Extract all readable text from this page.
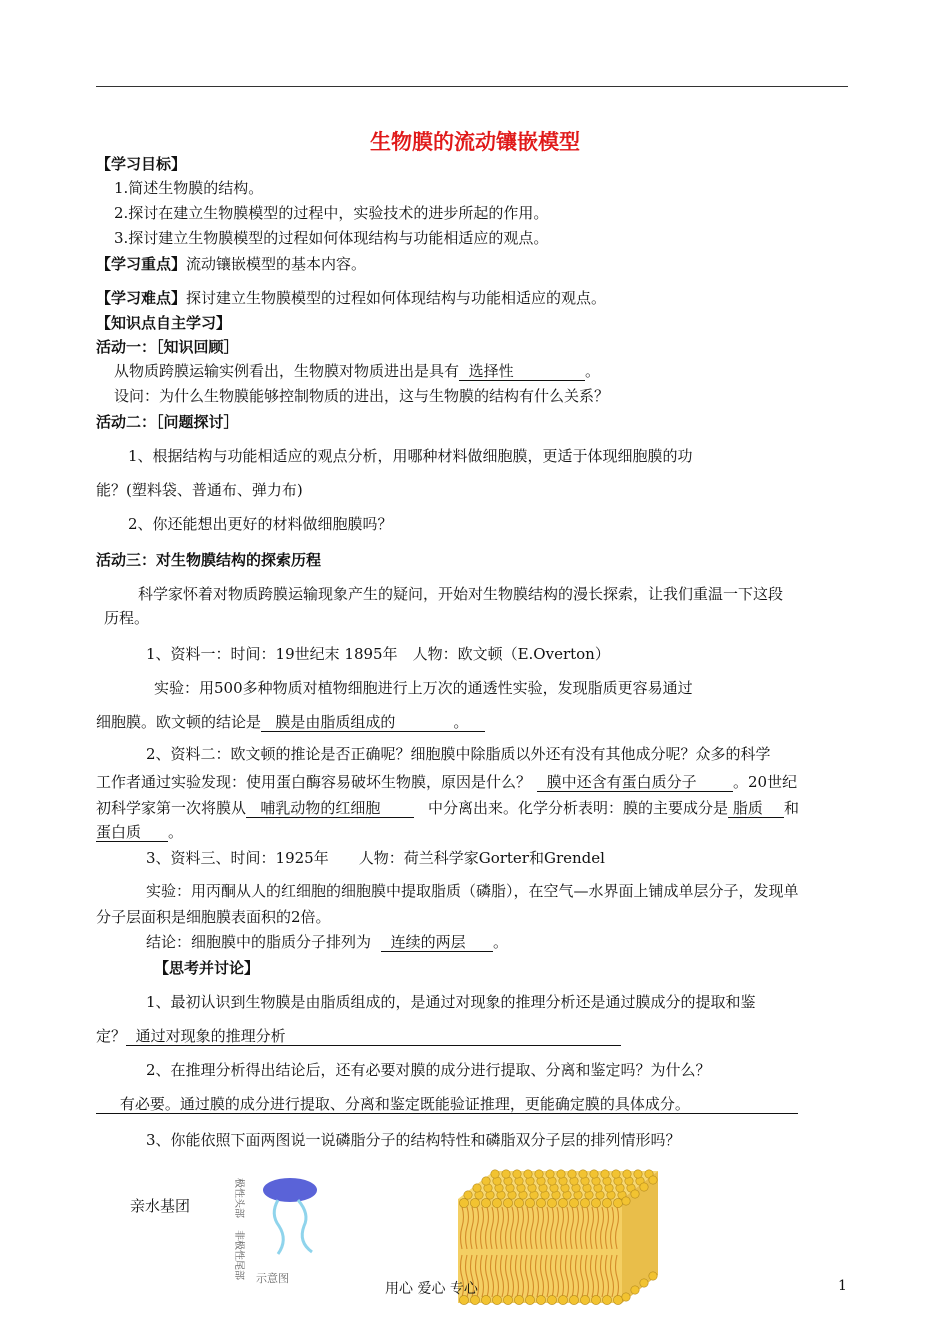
生物膜的流动镶嵌模型
【学习目标】
1.简述生物膜的结构。
2.探讨在建立生物膜模型的过程中，实验技术的进步所起的作用。
3.探讨建立生物膜模型的过程如何体现结构与功能相适应的观点。
【学习重点】流动镶嵌模型的基本内容。
【学习难点】探讨建立生物膜模型的过程如何体现结构与功能相适应的观点。
【知识点自主学习】
活动一：［知识回顾］
从物质跨膜运输实例看出，生物膜对物质进出是具有 选择性	。
设问：为什么生物膜能够控制物质的进出，这与生物膜的结构有什么关系？
活动二：［问题探讨］
1、根据结构与功能相适应的观点分析，用哪种材料做细胞膜，更适于体现细胞膜的功
能？(塑料袋、普通布、弹力布)
2、你还能想出更好的材料做细胞膜吗？
活动三：对生物膜结构的探索历程
科学家怀着对物质跨膜运输现象产生的疑问，开始对生物膜结构的漫长探索，让我们重温一下这段
历程。
1、资料一：时间：19世纪末 1895年　人物：欧文顿（E.Overton）
实验：用500多种物质对植物细胞进行上万次的通透性实验，发现脂质更容易通过
细胞膜。欧文顿的结论是 膜是由脂质组成的	。
2、资料二：欧文顿的推论是否正确呢？细胞膜中除脂质以外还有没有其他成分呢？众多的科学
工作者通过实验发现：使用蛋白酶容易破坏生物膜，原因是什么？ 膜中还含有蛋白质分子 。20世纪
初科学家第一次将膜从 哺乳动物的红细胞	中分离出来。化学分析表明：膜的主要成分是 脂质 和
蛋白质 。
3、资料三、时间：1925年　　人物：荷兰科学家Gorter和Grendel
实验：用丙酮从人的红细胞的细胞膜中提取脂质（磷脂），在空气—水界面上铺成单层分子，发现单
分子层面积是细胞膜表面积的2倍。
结论：细胞膜中的脂质分子排列为 连续的两层 。
【思考并讨论】
1、最初认识到生物膜是由脂质组成的，是通过对现象的推理分析还是通过膜成分的提取和鉴
定？ 通过对现象的推理分析
2、在推理分析得出结论后，还有必要对膜的成分进行提取、分离和鉴定吗？为什么？
有必要。通过膜的成分进行提取、分离和鉴定既能验证推理，更能确定膜的具体成分。
3、你能依照下面两图说一说磷脂分子的结构特性和磷脂双分子层的排列情形吗？
亲水基团	极性头部
非极性尾部 示意图
用心 爱心 专心	1
